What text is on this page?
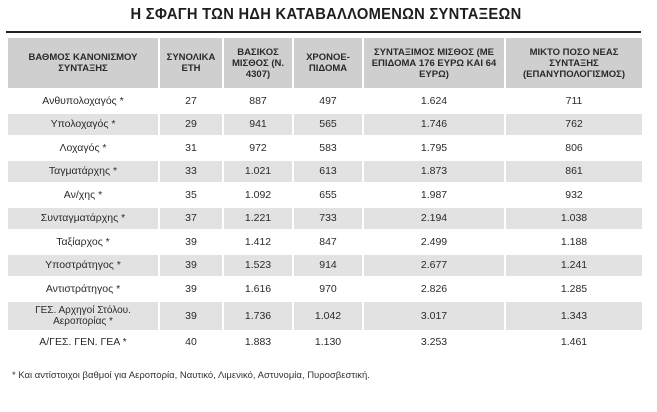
Η ΣΦΑΓΗ ΤΩΝ ΗΔΗ ΚΑΤΑΒΑΛΛΟΜΕΝΩΝ ΣΥΝΤΑΞΕΩΝ
ΒΑΘΜΟΣ ΚΑΝΟΝΙΣΜΟΥ ΣΥΝΤΑΞΗΣ	ΣΥΝΟΛΙΚΑ ΕΤΗ	ΒΑΣΙΚΟΣ ΜΙΣΘΟΣ (Ν. 4307)	ΧΡΟΝΟΕ-ΠΙΔΟΜΑ	ΣΥΝΤΑΞΙΜΟΣ ΜΙΣΘΟΣ (ΜΕ ΕΠΙΔΟΜΑ 176 ΕΥΡΩ ΚΑΙ 64 ΕΥΡΩ)	ΜΙΚΤΟ ΠΟΣΟ ΝΕΑΣ ΣΥΝΤΑΞΗΣ (ΕΠΑΝΥΠΟΛΟΓΙΣΜΟΣ)
Ανθυπολοχαγός *	27	887	497	1.624	711
Υπολοχαγός *	29	941	565	1.746	762
Λοχαγός *	31	972	583	1.795	806
Ταγματάρχης *	33	1.021	613	1.873	861
Αν/χης *	35	1.092	655	1.987	932
Συνταγματάρχης *	37	1.221	733	2.194	1.038
Ταξίαρχος *	39	1.412	847	2.499	1.188
Υποστράτηγος *	39	1.523	914	2.677	1.241
Αντιστράτηγος *	39	1.616	970	2.826	1.285
ΓΕΣ. Αρχηγοί Στόλου. Αεροπορίας *	39	1.736	1.042	3.017	1.343
Α/ΓΕΣ. ΓΕΝ. ΓΕΑ *	40	1.883	1.130	3.253	1.461
* Και αντίστοιχοι βαθμοί για Αεροπορία, Ναυτικό, Λιμενικό, Αστυνομία, Πυροσβεστική.
